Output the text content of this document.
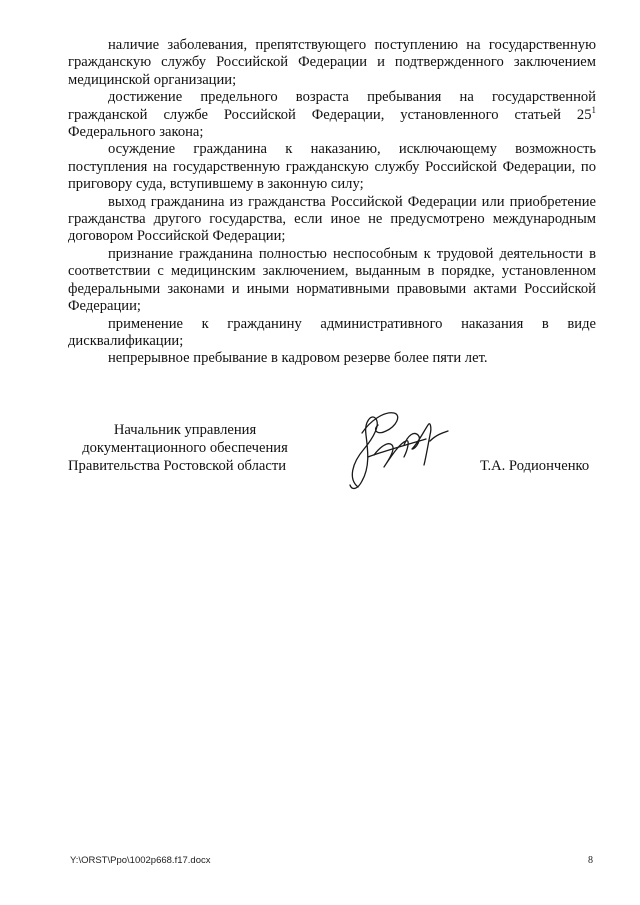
наличие заболевания, препятствующего поступлению на государственную гражданскую службу Российской Федерации и подтвержденного заключением медицинской организации;

достижение предельного возраста пребывания на государственной гражданской службе Российской Федерации, установленного статьей $25^1$ Федерального закона;

осуждение гражданина к наказанию, исключающему возможность поступления на государственную гражданскую службу Российской Федерации, по приговору суда, вступившему в законную силу;

выход гражданина из гражданства Российской Федерации или приобретение гражданства другого государства, если иное не предусмотрено международным договором Российской Федерации;

признание гражданина полностью неспособным к трудовой деятельности в соответствии с медицинским заключением, выданным в порядке, установленном федеральными законами и иными нормативными правовыми актами Российской Федерации;

применение к гражданину административного наказания в виде дисквалификации;

непрерывное пребывание в кадровом резерве более пяти лет.

Начальник управления
документационного обеспечения
Правительства Ростовской области	Т.А. Родионченко
Y:\ORST\Ppo\1002p668.f17.docx	8
